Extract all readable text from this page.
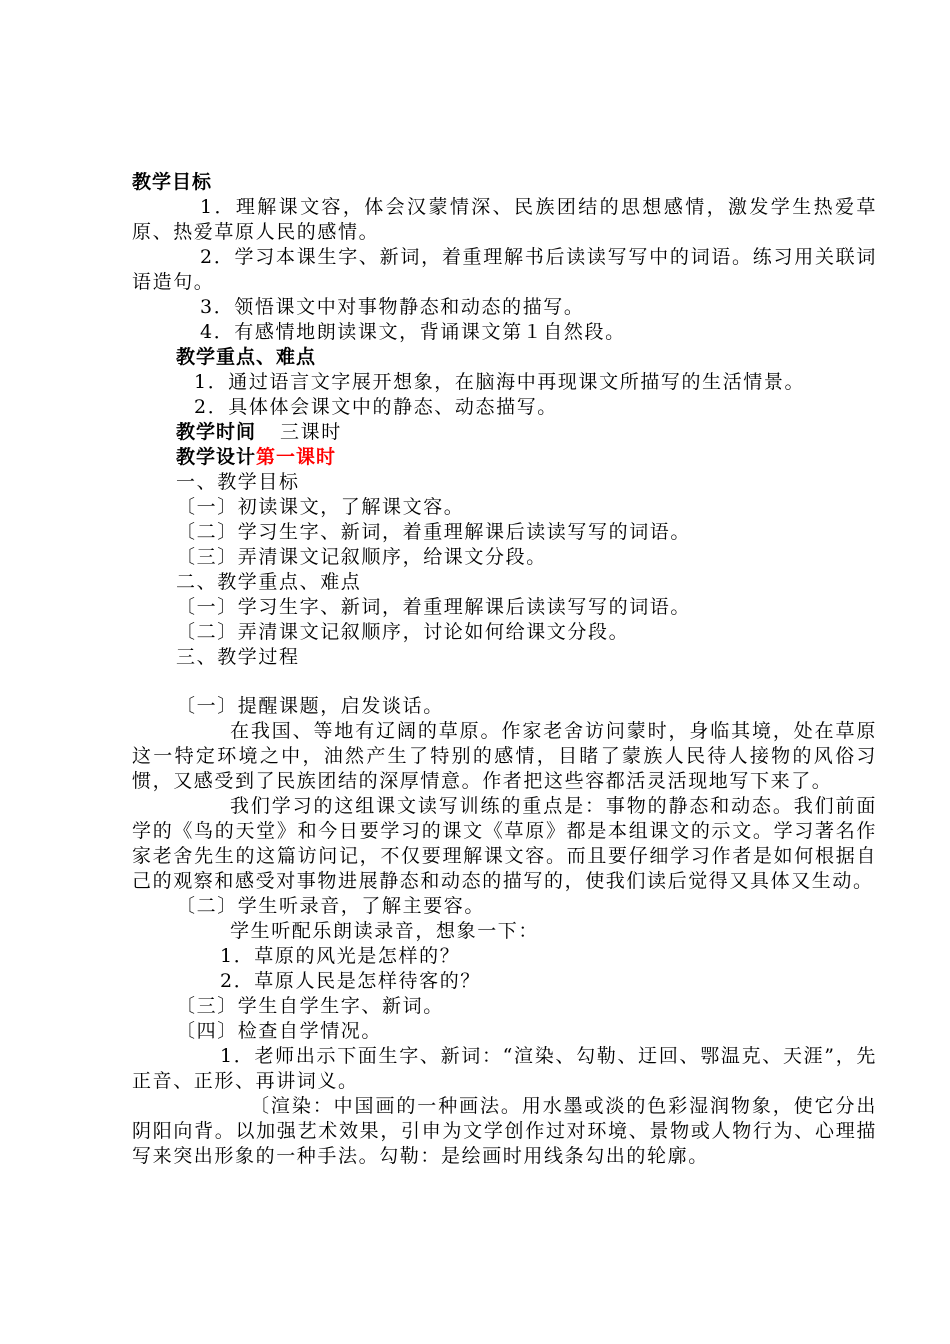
教学目标
1．理解课文容，体会汉蒙情深、民族团结的思想感情，激发学生热爱草原、热爱草原人民的感情。
2．学习本课生字、新词，着重理解书后读读写写中的词语。练习用关联词语造句。
3．领悟课文中对事物静态和动态的描写。
4．有感情地朗读课文，背诵课文第１自然段。
教学重点、难点
1．通过语言文字展开想象，在脑海中再现课文所描写的生活情景。
2．具体体会课文中的静态、动态描写。
教学时间 三课时
教学设计第一课时
一、教学目标
〔一〕初读课文，了解课文容。
〔二〕学习生字、新词，着重理解课后读读写写的词语。
〔三〕弄清课文记叙顺序，给课文分段。
二、教学重点、难点
〔一〕学习生字、新词，着重理解课后读读写写的词语。
〔二〕弄清课文记叙顺序，讨论如何给课文分段。
三、教学过程
〔一〕提醒课题，启发谈话。
在我国、等地有辽阔的草原。作家老舍访问蒙时，身临其境，处在草原这一特定环境之中，油然产生了特别的感情，目睹了蒙族人民待人接物的风俗习惯，又感受到了民族团结的深厚情意。作者把这些容都活灵活现地写下来了。
我们学习的这组课文读写训练的重点是：事物的静态和动态。我们前面学的《鸟的天堂》和今日要学习的课文《草原》都是本组课文的示文。学习著名作家老舍先生的这篇访问记，不仅要理解课文容。而且要仔细学习作者是如何根据自己的观察和感受对事物进展静态和动态的描写的，使我们读后觉得又具体又生动。
〔二〕学生听录音，了解主要容。
学生听配乐朗读录音，想象一下：
1．草原的风光是怎样的？
2．草原人民是怎样待客的？
〔三〕学生自学生字、新词。
〔四〕检查自学情况。
1．老师出示下面生字、新词：“渲染、勾勒、迂回、鄂温克、天涯”，先正音、正形、再讲词义。
〔渲染：中国画的一种画法。用水墨或淡的色彩湿润物象，使它分出阴阳向背。以加强艺术效果，引申为文学创作过对环境、景物或人物行为、心理描写来突出形象的一种手法。勾勒：是绘画时用线条勾出的轮廓。
